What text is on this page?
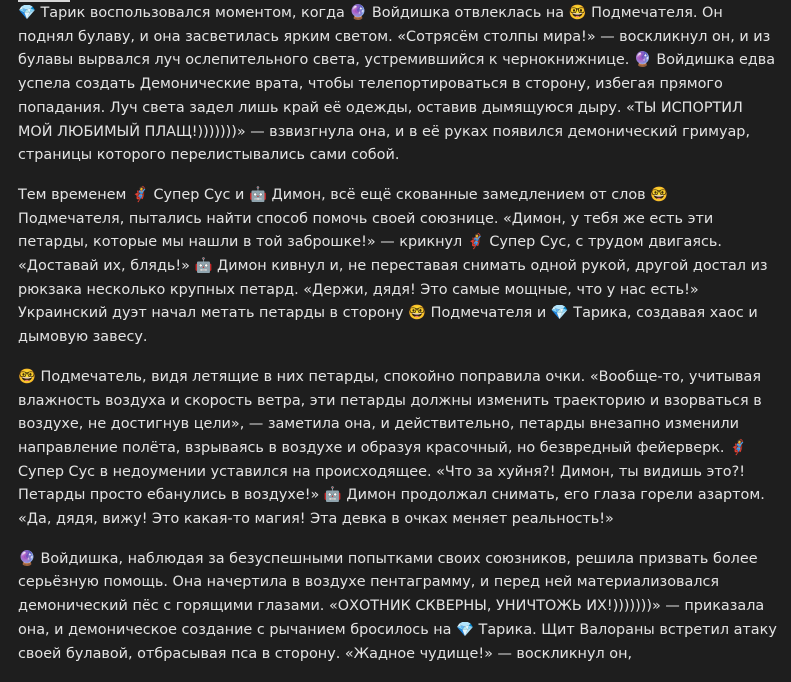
💎 Тарик воспользовался моментом, когда 🔮 Войдишка отвлеклась на 🤓 Подмечателя. Он поднял булаву, и она засветилась ярким светом. «Сотрясём столпы мира!» — воскликнул он, и из булавы вырвался луч ослепительного света, устремившийся к чернокнижнице. 🔮 Войдишка едва успела создать Демонические врата, чтобы телепортироваться в сторону, избегая прямого попадания. Луч света задел лишь край её одежды, оставив дымящуюся дыру. «ТЫ ИСПОРТИЛ МОЙ ЛЮБИМЫЙ ПЛАЩ!)))))))» — взвизгнула она, и в её руках появился демонический гримуар, страницы которого перелистывались сами собой.

Тем временем 🦸 Супер Сус и 🤖 Димон, всё ещё скованные замедлением от слов 🤓 Подмечателя, пытались найти способ помочь своей союзнице. «Димон, у тебя же есть эти петарды, которые мы нашли в той заброшке!» — крикнул 🦸 Супер Сус, с трудом двигаясь. «Доставай их, блядь!» 🤖 Димон кивнул и, не переставая снимать одной рукой, другой достал из рюкзака несколько крупных петард. «Держи, дядя! Это самые мощные, что у нас есть!» Украинский дуэт начал метать петарды в сторону 🤓 Подмечателя и 💎 Тарика, создавая хаос и дымовую завесу.

🤓 Подмечатель, видя летящие в них петарды, спокойно поправила очки. «Вообще-то, учитывая влажность воздуха и скорость ветра, эти петарды должны изменить траекторию и взорваться в воздухе, не достигнув цели», — заметила она, и действительно, петарды внезапно изменили направление полёта, взрываясь в воздухе и образуя красочный, но безвредный фейерверк. 🦸 Супер Сус в недоумении уставился на происходящее. «Что за хуйня?! Димон, ты видишь это?! Петарды просто ебанулись в воздухе!» 🤖 Димон продолжал снимать, его глаза горели азартом. «Да, дядя, вижу! Это какая-то магия! Эта девка в очках меняет реальность!»

🔮 Войдишка, наблюдая за безуспешными попытками своих союзников, решила призвать более серьёзную помощь. Она начертила в воздухе пентаграмму, и перед ней материализовался демонический пёс с горящими глазами. «ОХОТНИК СКВЕРНЫ, УНИЧТОЖЬ ИХ!)))))))» — приказала она, и демоническое создание с рычанием бросилось на 💎 Тарика. Щит Валораны встретил атаку своей булавой, отбрасывая пса в сторону. «Жадное чудище!» — воскликнул он,
